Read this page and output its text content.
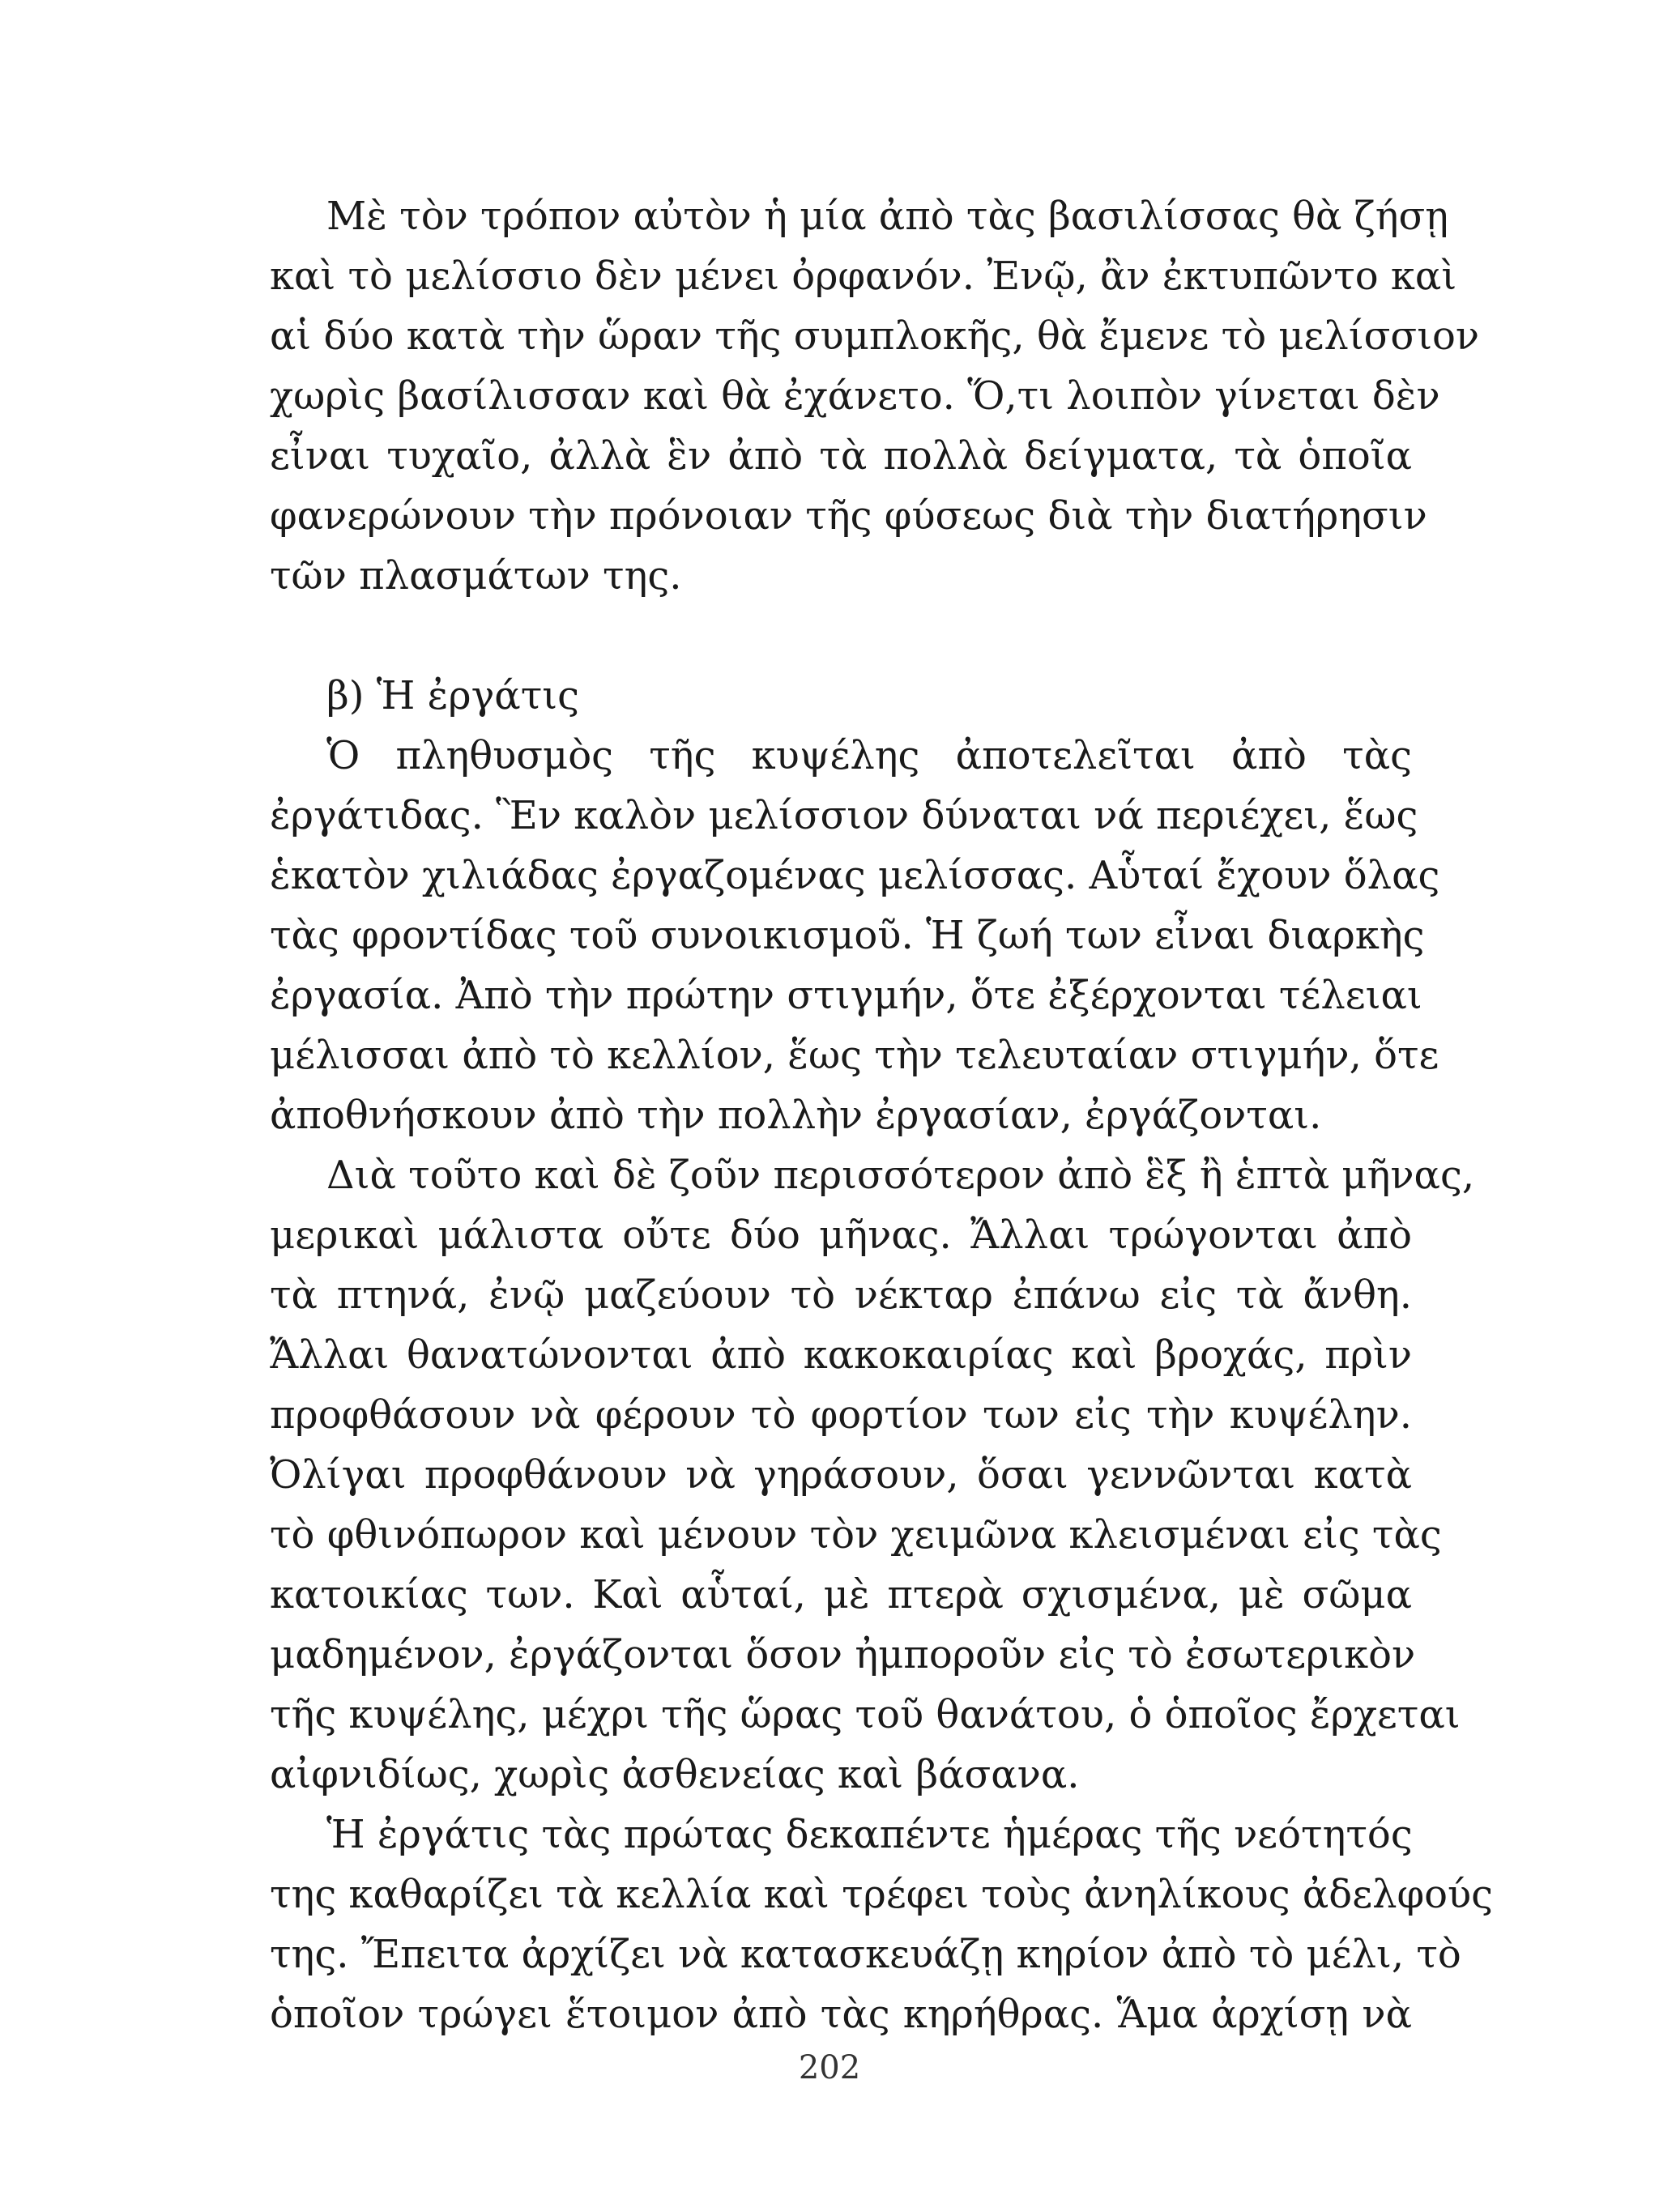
Μὲ τὸν τρόπον αὐτὸν ἡ μία ἀπὸ τὰς βασιλίσσας θὰ ζήσῃ
καὶ τὸ μελίσσιο δὲν μένει ὀρφανόν. Ἐνῷ, ἂν ἐκτυπῶντο καὶ
αἱ δύο κατὰ τὴν ὥραν τῆς συμπλοκῆς, θὰ ἔμενε τὸ μελίσσιον
χωρὶς βασίλισσαν καὶ θὰ ἐχάνετο. Ὅ,τι λοιπὸν γίνεται δὲν
εἶναι τυχαῖο, ἀλλὰ ἓν ἀπὸ τὰ πολλὰ δείγματα, τὰ ὁποῖα
φανερώνουν τὴν πρόνοιαν τῆς φύσεως διὰ τὴν διατήρησιν
τῶν πλασμάτων της.
β) Ἡ ἐργάτις
Ὁ πληθυσμὸς τῆς κυψέλης ἀποτελεῖται ἀπὸ τὰς
ἐργάτιδας. Ἓν καλὸν μελίσσιον δύναται νά περιέχει, ἕως
ἑκατὸν χιλιάδας ἐργαζομένας μελίσσας. Αὗταί ἔχουν ὅλας
τὰς φροντίδας τοῦ συνοικισμοῦ. Ἡ ζωή των εἶναι διαρκὴς
ἐργασία. Ἀπὸ τὴν πρώτην στιγμήν, ὅτε ἐξέρχονται τέλειαι
μέλισσαι ἀπὸ τὸ κελλίον, ἕως τὴν τελευταίαν στιγμήν, ὅτε
ἀποθνήσκουν ἀπὸ τὴν πολλὴν ἐργασίαν, ἐργάζονται.
Διὰ τοῦτο καὶ δὲ ζοῦν περισσότερον ἀπὸ ἓξ ἢ ἑπτὰ μῆνας,
μερικαὶ μάλιστα οὔτε δύο μῆνας. Ἄλλαι τρώγονται ἀπὸ
τὰ πτηνά, ἐνῷ μαζεύουν τὸ νέκταρ ἐπάνω εἰς τὰ ἄνθη.
Ἄλλαι θανατώνονται ἀπὸ κακοκαιρίας καὶ βροχάς, πρὶν
προφθάσουν νὰ φέρουν τὸ φορτίον των εἰς τὴν κυψέλην.
Ὀλίγαι προφθάνουν νὰ γηράσουν, ὅσαι γεννῶνται κατὰ
τὸ φθινόπωρον καὶ μένουν τὸν χειμῶνα κλεισμέναι εἰς τὰς
κατοικίας των. Καὶ αὗταί, μὲ πτερὰ σχισμένα, μὲ σῶμα
μαδημένον, ἐργάζονται ὅσον ἠμποροῦν εἰς τὸ ἐσωτερικὸν
τῆς κυψέλης, μέχρι τῆς ὥρας τοῦ θανάτου, ὁ ὁποῖος ἔρχεται
αἰφνιδίως, χωρὶς ἀσθενείας καὶ βάσανα.
Ἡ ἐργάτις τὰς πρώτας δεκαπέντε ἡμέρας τῆς νεότητός
της καθαρίζει τὰ κελλία καὶ τρέφει τοὺς ἀνηλίκους ἀδελφούς
της. Ἔπειτα ἀρχίζει νὰ κατασκευάζῃ κηρίον ἀπὸ τὸ μέλι, τὸ
ὁποῖον τρώγει ἕτοιμον ἀπὸ τὰς κηρήθρας. Ἅμα ἀρχίσῃ νὰ
202
